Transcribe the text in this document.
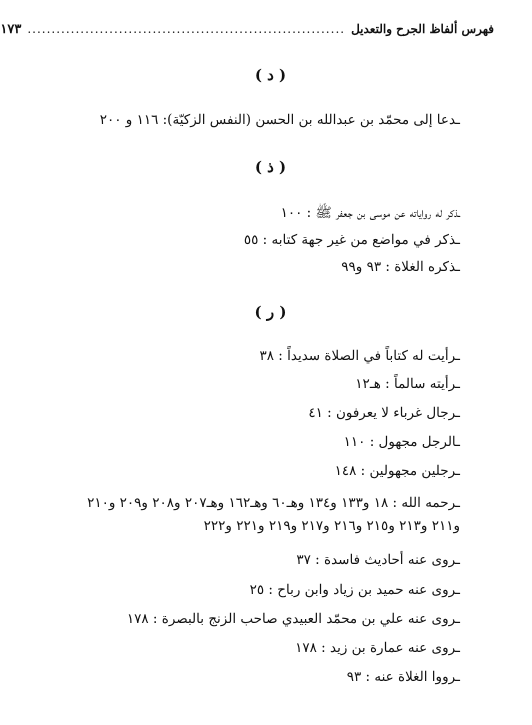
فهرس ألفاظ الجرح والتعديل
..................................................................
١٧٣
( د )
ـدعا إلى محمّد بن عبدالله بن الحسن (النفس الزكيّة): ١١٦ و ٢٠٠
( ذ )
ـذكر له رواياته عن موسى بن جعفر ﷺ : ١٠٠
ـذكر في مواضع من غير جهة كتابه : ٥٥
ـذكره الغلاة : ٩٣ و٩٩
( ر )
ـرأيت له كتاباً في الصلاة سديداً : ٣٨
ـرأيته سالماً : هـ١٢
ـرجال غرباء لا يعرفون : ٤١
ـالرجل مجهول : ١١٠
ـرجلين مجهولين : ١٤٨
ـرحمه الله : ١٨ و١٣٣ و١٣٤ وهـ٦٠ وهـ١٦٢ وهـ٢٠٧ و٢٠٨ و٢٠٩ و٢١٠ و٢١١ و٢١٣ و٢١٥ و٢١٦ و٢١٧ و٢١٩ و٢٢١ و٢٢٢
ـروى عنه أحاديث فاسدة : ٣٧
ـروى عنه حميد بن زياد وابن رباح : ٢٥
ـروى عنه علي بن محمّد العبيدي صاحب الزنج بالبصرة : ١٧٨
ـروى عنه عمارة بن زيد : ١٧٨
ـرووا الغلاة عنه : ٩٣
